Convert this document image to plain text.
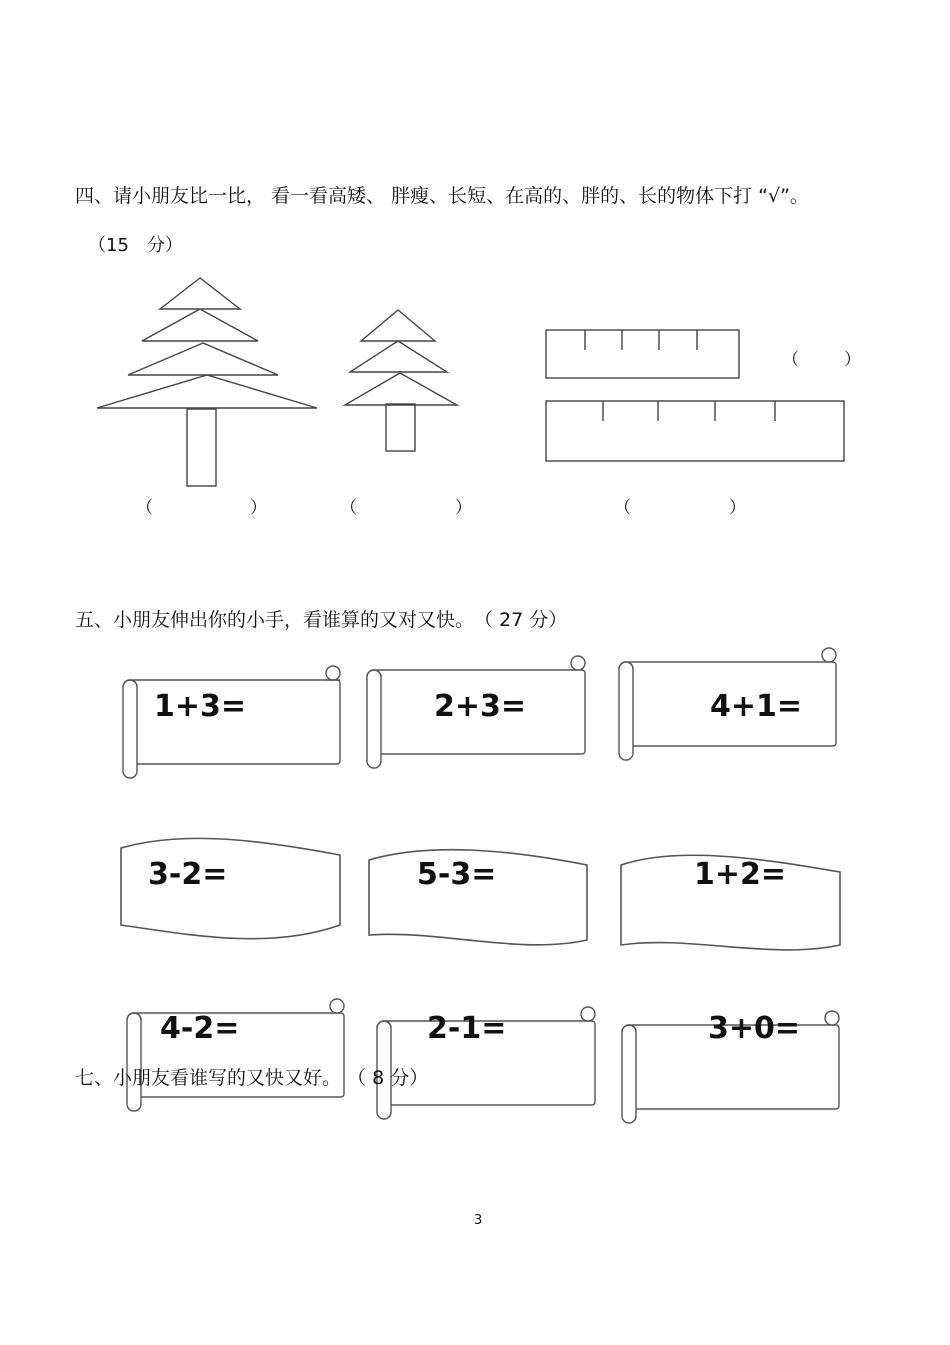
四、请小朋友比一比， 看一看高矮、 胖瘦、长短、在高的、胖的、长的物体下打 “√”。
（15　分）
（	）
（	）	（	）	（	）
五、小朋友伸出你的小手，看谁算的又对又快。　（ 27 分）
1+3=	2+3=	4+1=
3-2=	5-3=	1+2=
4-2=	2-1=	3+0=
七、小朋友看谁写的又快又好。 （ 8 分）
3
